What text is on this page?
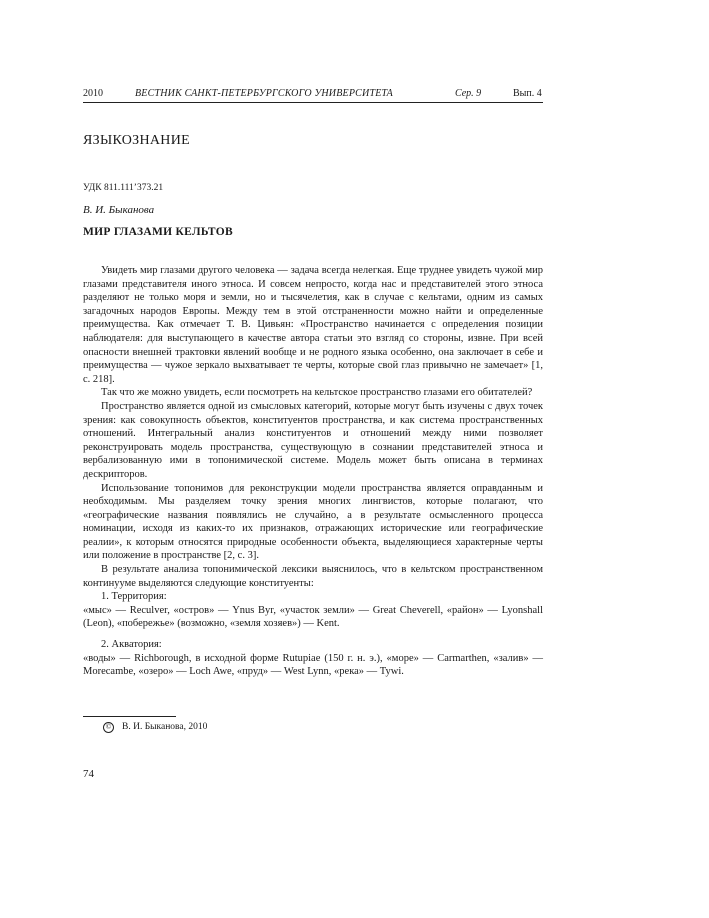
2010	ВЕСТНИК САНКТ-ПЕТЕРБУРГСКОГО УНИВЕРСИТЕТА	Сер. 9	Вып. 4
ЯЗЫКОЗНАНИЕ
УДК 811.111’373.21
В. И. Быканова
МИР ГЛАЗАМИ КЕЛЬТОВ

Увидеть мир глазами другого человека — задача всегда нелегкая. Еще труднее увидеть чужой мир глазами представителя иного этноса. И совсем непросто, когда нас и представителей этого этноса разделяют не только моря и земли, но и тысячелетия, как в случае с кельтами, одним из самых загадочных народов Европы. Между тем в этой отстраненности можно найти и определенные преимущества. Как отмечает Т. В. Цивьян: «Пространство начинается с определения позиции наблюдателя: для выступающего в качестве автора статьи это взгляд со стороны, извне. При всей опасности внешней трактовки явлений вообще и не родного языка особенно, она заключает в себе и преимущества — чужое зеркало выхватывает те черты, которые свой глаз привычно не замечает» [1, с. 218].

Так что же можно увидеть, если посмотреть на кельтское пространство глазами его обитателей?

Пространство является одной из смысловых категорий, которые могут быть изучены с двух точек зрения: как совокупность объектов, конституентов пространства, и как система пространственных отношений. Интегральный анализ конституентов и отношений между ними позволяет реконструировать модель пространства, существующую в сознании представителей этноса и вербализованную ими в топонимической системе. Модель может быть описана в терминах дескрипторов.

Использование топонимов для реконструкции модели пространства является оправданным и необходимым. Мы разделяем точку зрения многих лингвистов, которые полагают, что «географические названия появлялись не случайно, а в результате осмысленного процесса номинации, исходя из каких-то их признаков, отражающих исторические или географические реалии», к которым относятся природные особенности объекта, выделяющиеся характерные черты или положение в пространстве [2, с. 3].

В результате анализа топонимической лексики выяснилось, что в кельтском пространственном континууме выделяются следующие конституенты:

1. Территория:

«мыс» — Reculver, «остров» — Ynus Byr, «участок земли» — Great Cheverell, «район» — Lyonshall (Leon), «побережье» (возможно, «земля хозяев») — Kent.

2. Акватория:

«воды» — Richborough, в исходной форме Rutupiae (150 г. н. э.), «море» — Carmarthen, «залив» — Morecambe, «озеро» — Loch Awe, «пруд» — West Lynn, «река» — Tywi.

© В. И. Быканова, 2010
74
